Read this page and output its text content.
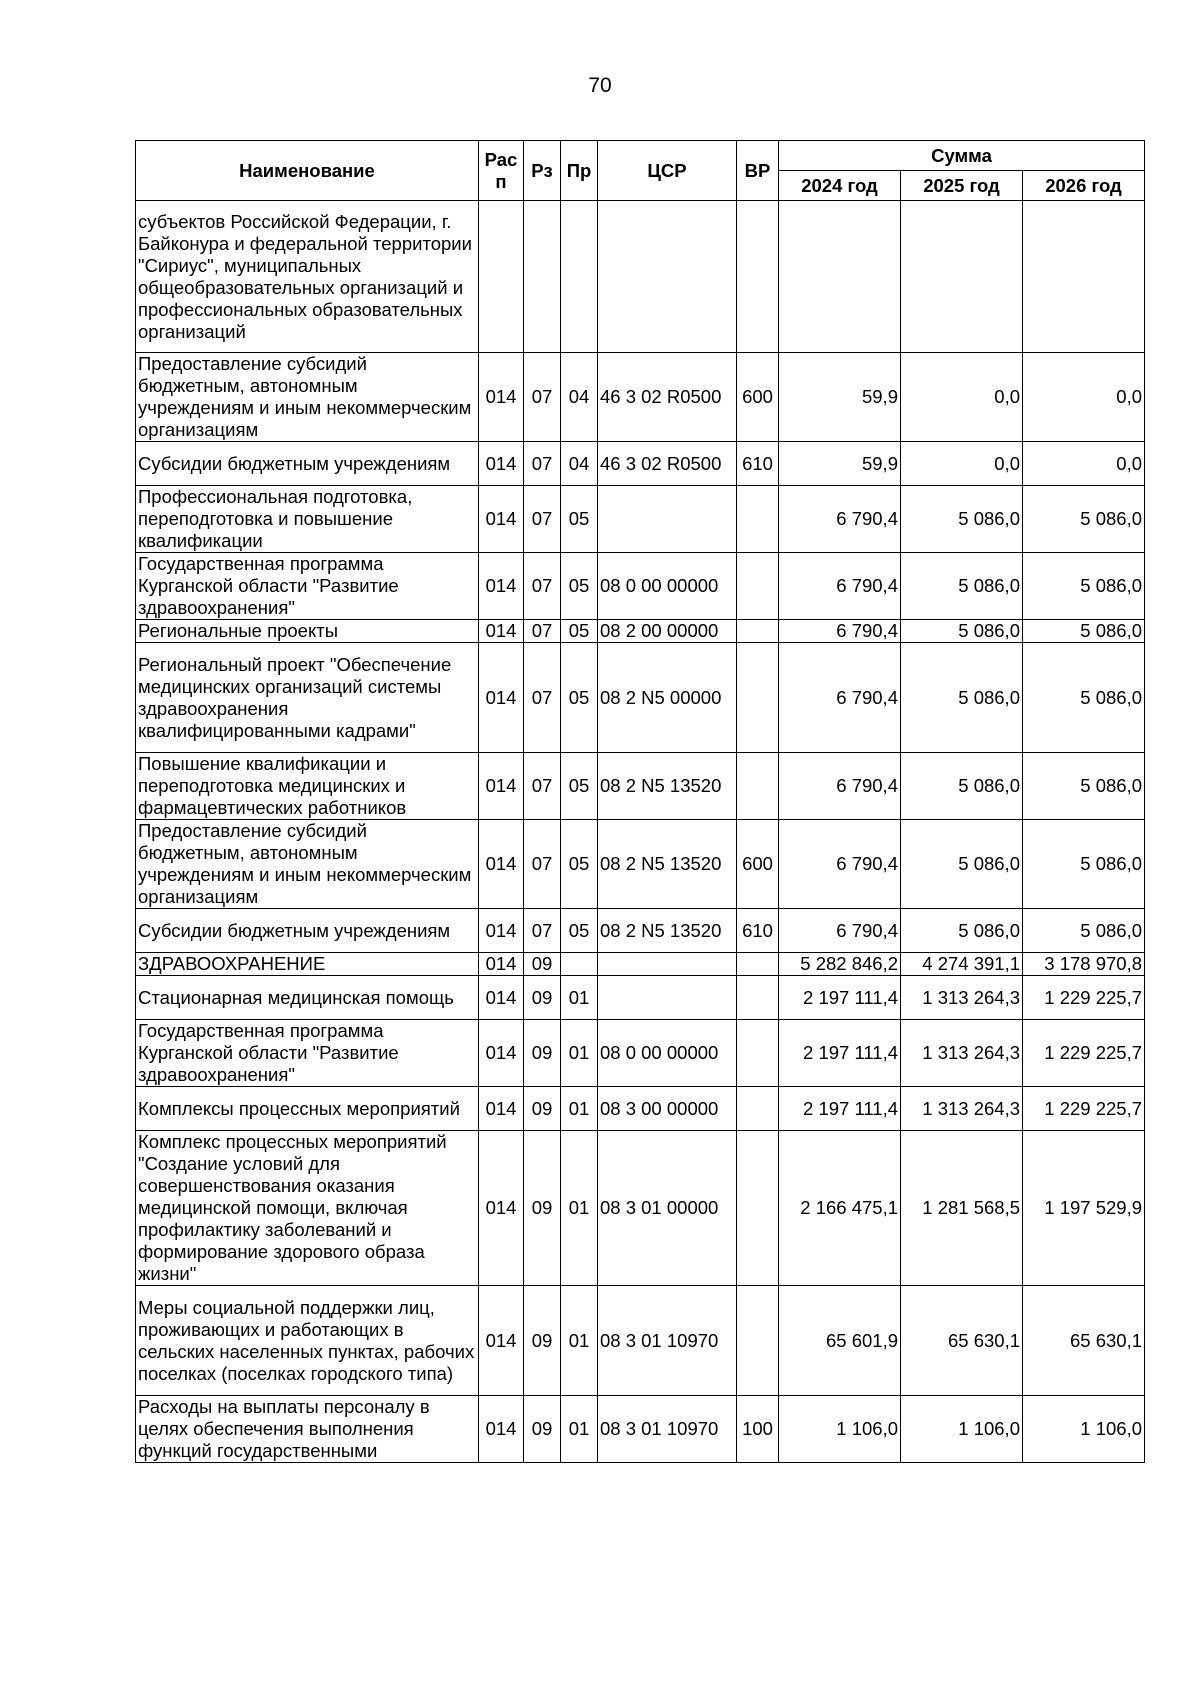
70
Наименование	Рас п	Рз	Пр	ЦСР	ВР	Сумма		
						2024 год	2025 год	2026 год
субъектов Российской Федерации, г. Байконура и федеральной территории "Сириус", муниципальных общеобразовательных организаций и профессиональных образовательных организаций								
Предоставление субсидий бюджетным, автономным учреждениям и иным некоммерческим организациям	014	07	04	46 3 02 R0500	600	59,9	0,0	0,0
Субсидии бюджетным учреждениям	014	07	04	46 3 02 R0500	610	59,9	0,0	0,0
Профессиональная подготовка, переподготовка и повышение квалификации	014	07	05			6 790,4	5 086,0	5 086,0
Государственная программа Курганской области "Развитие здравоохранения"	014	07	05	08 0 00 00000		6 790,4	5 086,0	5 086,0
Региональные проекты	014	07	05	08 2 00 00000		6 790,4	5 086,0	5 086,0
Региональный проект "Обеспечение медицинских организаций системы здравоохранения квалифицированными кадрами"	014	07	05	08 2 N5 00000		6 790,4	5 086,0	5 086,0
Повышение квалификации и переподготовка медицинских и фармацевтических работников	014	07	05	08 2 N5 13520		6 790,4	5 086,0	5 086,0
Предоставление субсидий бюджетным, автономным учреждениям и иным некоммерческим организациям	014	07	05	08 2 N5 13520	600	6 790,4	5 086,0	5 086,0
Субсидии бюджетным учреждениям	014	07	05	08 2 N5 13520	610	6 790,4	5 086,0	5 086,0
ЗДРАВООХРАНЕНИЕ	014	09				5 282 846,2	4 274 391,1	3 178 970,8
Стационарная медицинская помощь	014	09	01			2 197 111,4	1 313 264,3	1 229 225,7
Государственная программа Курганской области "Развитие здравоохранения"	014	09	01	08 0 00 00000		2 197 111,4	1 313 264,3	1 229 225,7
Комплексы процессных мероприятий	014	09	01	08 3 00 00000		2 197 111,4	1 313 264,3	1 229 225,7
Комплекс процессных мероприятий "Создание условий для совершенствования оказания медицинской помощи, включая профилактику заболеваний и формирование здорового образа жизни"	014	09	01	08 3 01 00000		2 166 475,1	1 281 568,5	1 197 529,9
Меры социальной поддержки лиц, проживающих и работающих в сельских населенных пунктах, рабочих поселках (поселках городского типа)	014	09	01	08 3 01 10970		65 601,9	65 630,1	65 630,1
Расходы на выплаты персоналу в целях обеспечения выполнения функций государственными	014	09	01	08 3 01 10970	100	1 106,0	1 106,0	1 106,0
